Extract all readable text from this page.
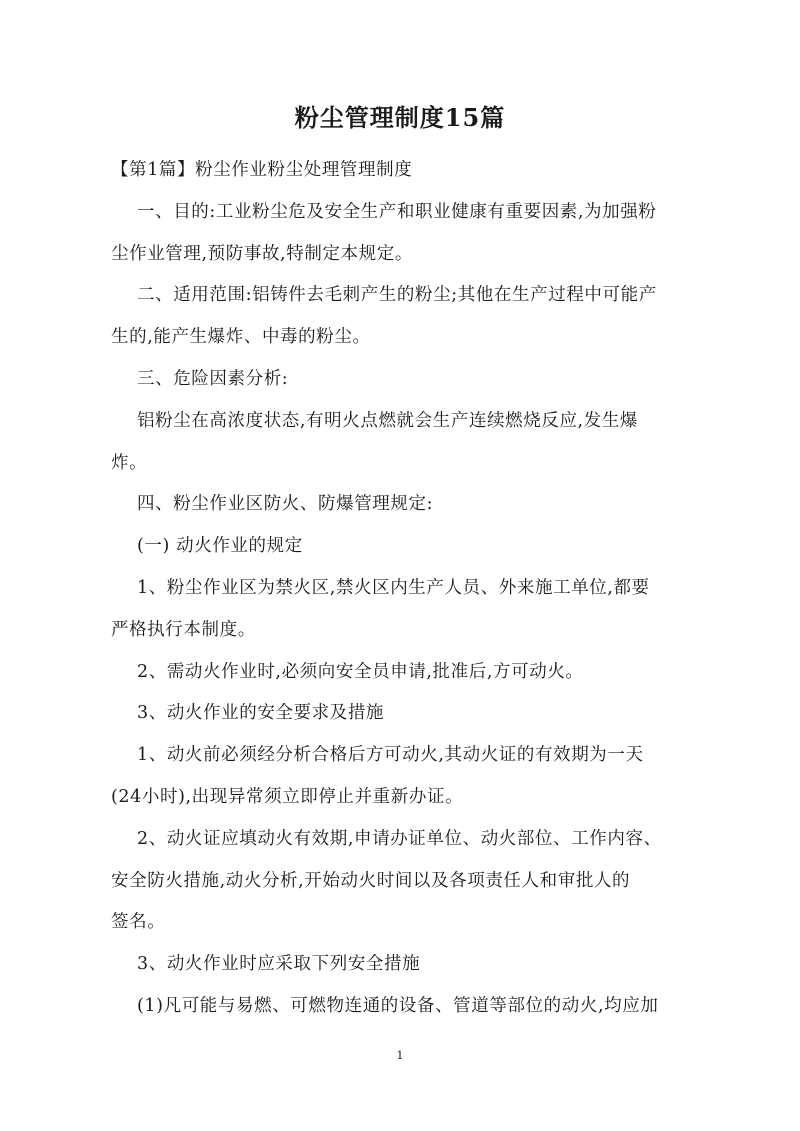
粉尘管理制度15篇

【第1篇】粉尘作业粉尘处理管理制度

一、目的:工业粉尘危及安全生产和职业健康有重要因素,为加强粉

尘作业管理,预防事故,特制定本规定。

二、适用范围:铝铸件去毛刺产生的粉尘;其他在生产过程中可能产

生的,能产生爆炸、中毒的粉尘。

三、危险因素分析:

铝粉尘在高浓度状态,有明火点燃就会生产连续燃烧反应,发生爆

炸。

四、粉尘作业区防火、防爆管理规定:

(一) 动火作业的规定

1、粉尘作业区为禁火区,禁火区内生产人员、外来施工单位,都要

严格执行本制度。

2、需动火作业时,必须向安全员申请,批准后,方可动火。

3、动火作业的安全要求及措施

1、动火前必须经分析合格后方可动火,其动火证的有效期为一天

(24小时),出现异常须立即停止并重新办证。

2、动火证应填动火有效期,申请办证单位、动火部位、工作内容、

安全防火措施,动火分析,开始动火时间以及各项责任人和审批人的

签名。

3、动火作业时应采取下列安全措施

(1)凡可能与易燃、可燃物连通的设备、管道等部位的动火,均应加

1
